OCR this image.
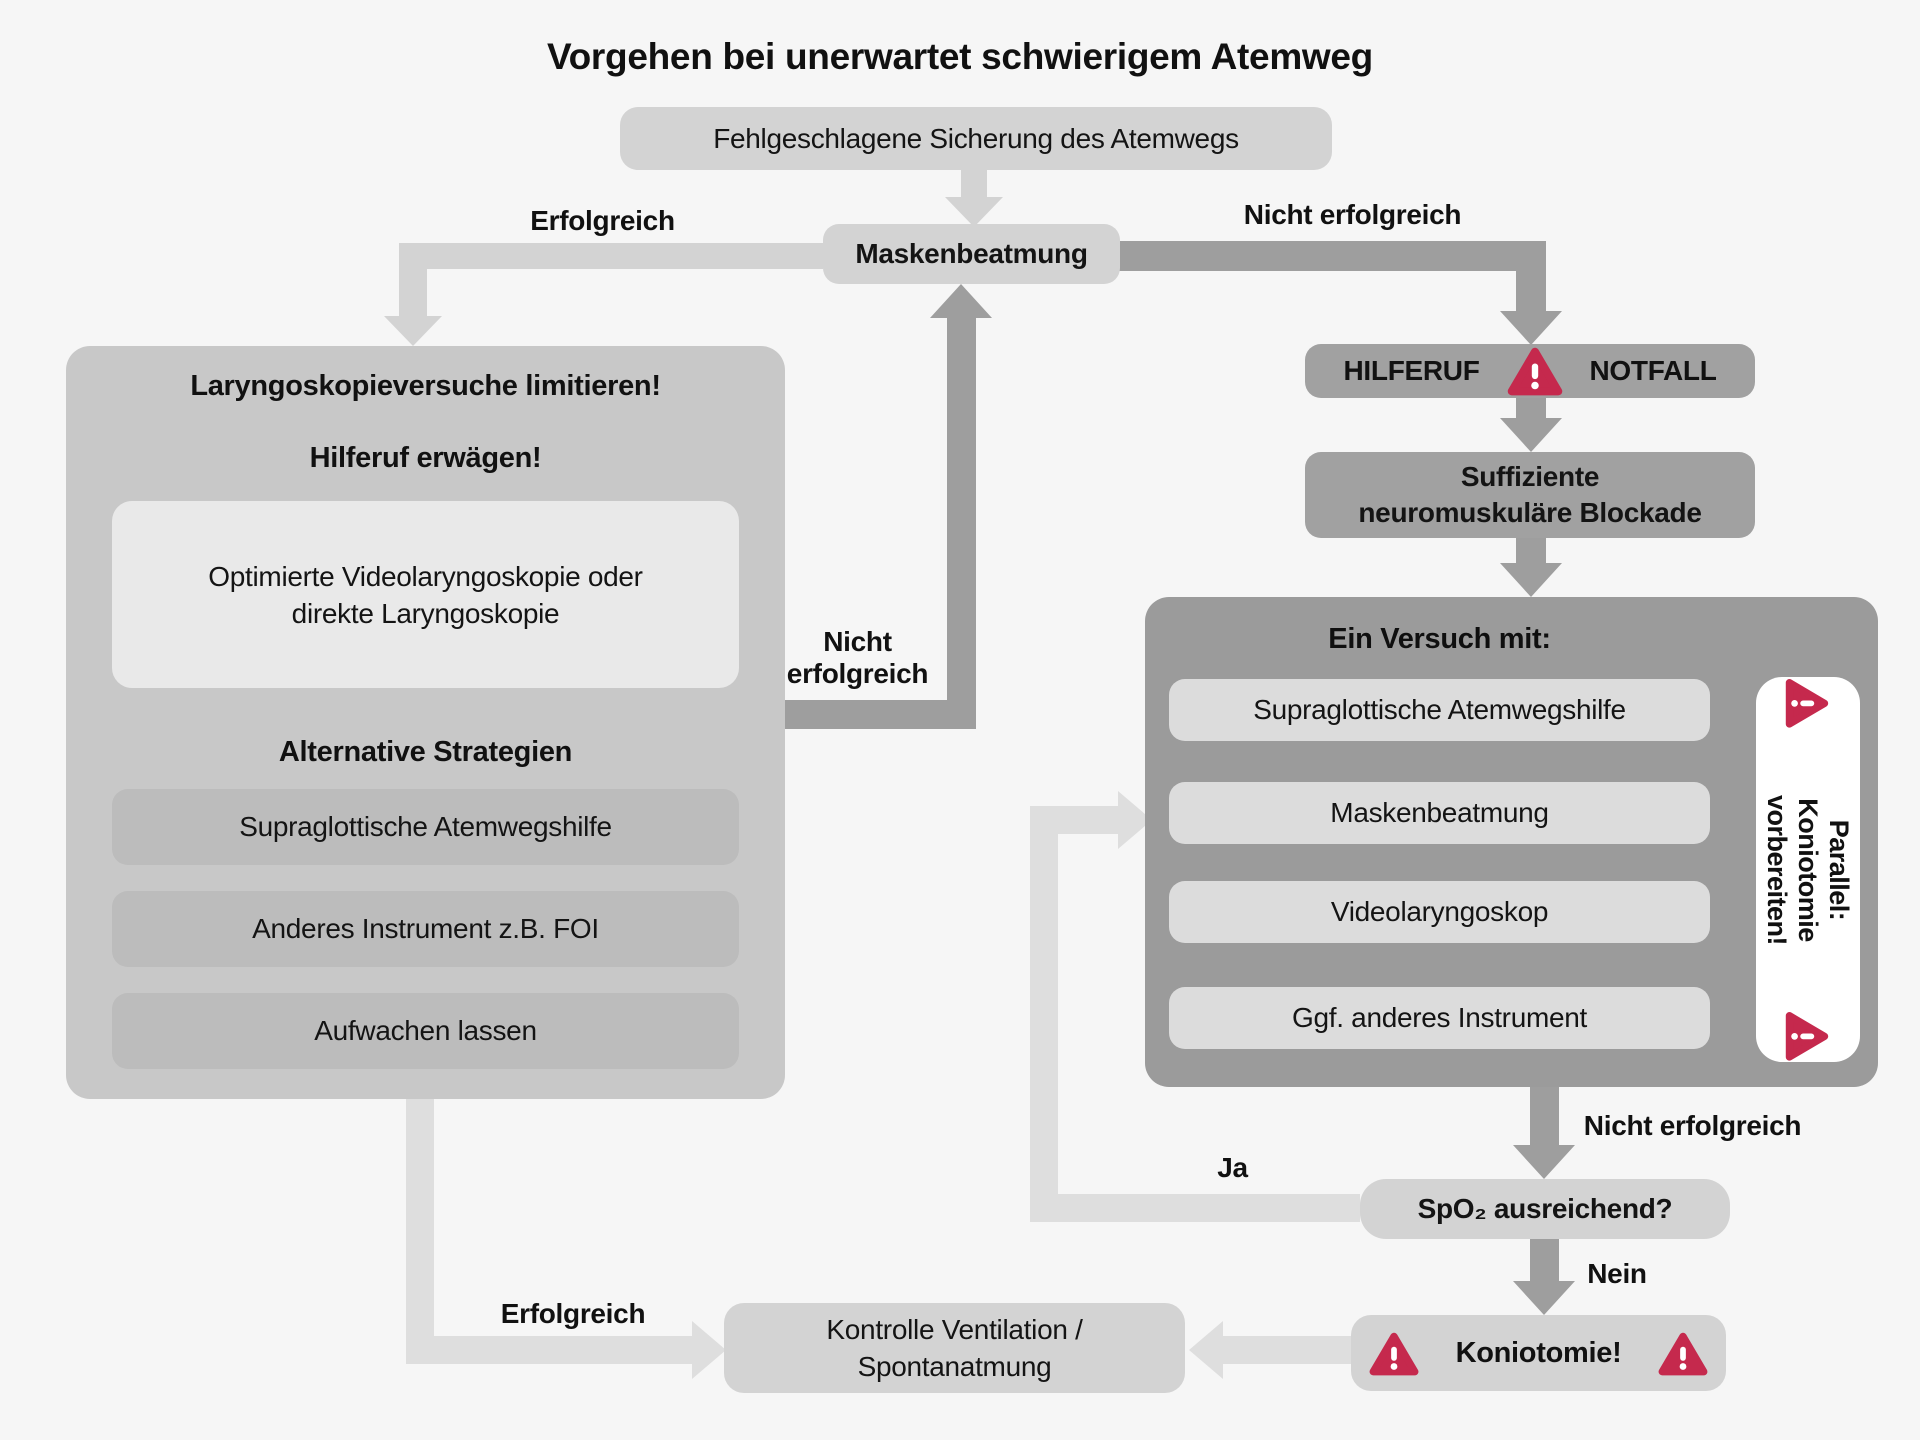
Vorgehen bei unerwartet schwierigem Atemweg
Fehlgeschlagene Sicherung des Atemwegs
Maskenbeatmung
Erfolgreich	Nicht erfolgreich
Nicht
erfolgreich
Laryngoskopieversuche limitieren!
Hilferuf erwägen!
Optimierte Videolaryngoskopie oder
direkte Laryngoskopie
Alternative Strategien
Supraglottische Atemwegshilfe
Anderes Instrument z.B. FOI
Aufwachen lassen
HILFERUF	NOTFALL
Suffiziente
neuromuskuläre Blockade
Ein Versuch mit:
Supraglottische Atemwegshilfe
Maskenbeatmung
Videolaryngoskop
Ggf. anderes Instrument
Parallel: Koniotomie
vorbereiten!
Nicht erfolgreich
Ja
Nein
Erfolgreich
SpO₂ ausreichend?
Koniotomie!
Kontrolle Ventilation /
Spontanatmung
